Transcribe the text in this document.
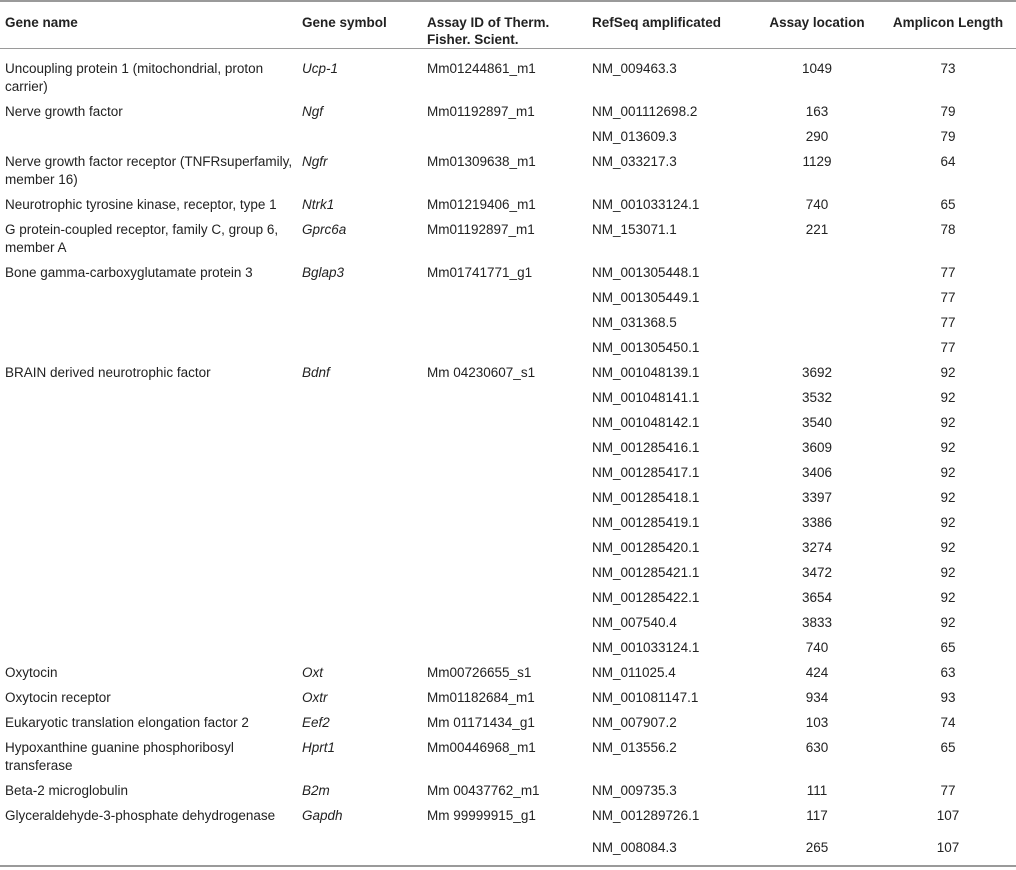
Gene name	Gene symbol	Assay ID of Therm. Fisher. Scient.	RefSeq amplificated	Assay location	Amplicon Length
Uncoupling protein 1 (mitochondrial, proton carrier)	Ucp-1	Mm01244861_m1	NM_009463.3	1049	73
Nerve growth factor	Ngf	Mm01192897_m1	NM_001112698.2	163	79
			NM_013609.3	290	79
Nerve growth factor receptor (TNFRsuperfamily, member 16)	Ngfr	Mm01309638_m1	NM_033217.3	1129	64
Neurotrophic tyrosine kinase, receptor, type 1	Ntrk1	Mm01219406_m1	NM_001033124.1	740	65
G protein-coupled receptor, family C, group 6, member A	Gprc6a	Mm01192897_m1	NM_153071.1	221	78
Bone gamma-carboxyglutamate protein 3	Bglap3	Mm01741771_g1	NM_001305448.1		77
			NM_001305449.1		77
			NM_031368.5		77
			NM_001305450.1		77
BRAIN derived neurotrophic factor	Bdnf	Mm 04230607_s1	NM_001048139.1	3692	92
			NM_001048141.1	3532	92
			NM_001048142.1	3540	92
			NM_001285416.1	3609	92
			NM_001285417.1	3406	92
			NM_001285418.1	3397	92
			NM_001285419.1	3386	92
			NM_001285420.1	3274	92
			NM_001285421.1	3472	92
			NM_001285422.1	3654	92
			NM_007540.4	3833	92
			NM_001033124.1	740	65
Oxytocin	Oxt	Mm00726655_s1	NM_011025.4	424	63
Oxytocin receptor	Oxtr	Mm01182684_m1	NM_001081147.1	934	93
Eukaryotic translation elongation factor 2	Eef2	Mm 01171434_g1	NM_007907.2	103	74
Hypoxanthine guanine phosphoribosyl transferase	Hprt1	Mm00446968_m1	NM_013556.2	630	65
Beta-2 microglobulin	B2m	Mm 00437762_m1	NM_009735.3	111	77
Glyceraldehyde-3-phosphate dehydrogenase	Gapdh	Mm 99999915_g1	NM_001289726.1	117	107
			NM_008084.3	265	107
